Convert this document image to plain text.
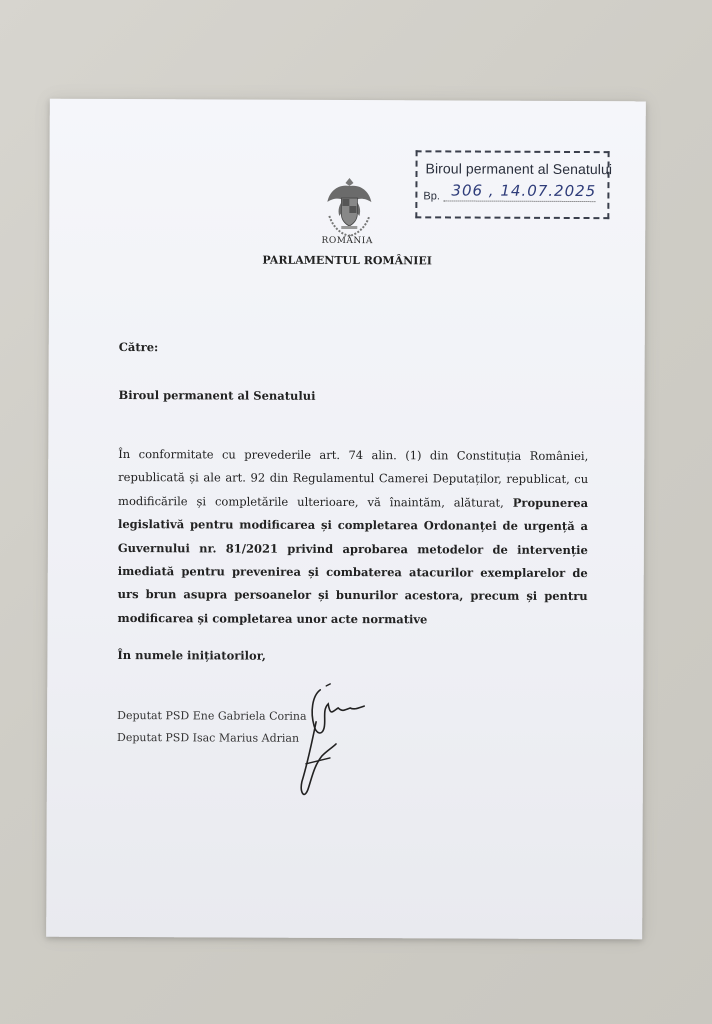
Biroul permanent al Senatului
Bp. 306 , 14.07.2025
ROMÂNIA
PARLAMENTUL ROMÂNIEI
Către:
Biroul permanent al Senatului
În conformitate cu prevederile art. 74 alin. (1) din Constituția României, republicată și ale art. 92 din Regulamentul Camerei Deputaților, republicat, cu modificările și completările ulterioare, vă înaintăm, alăturat, Propunerea legislativă pentru modificarea și completarea Ordonanței de urgență a Guvernului nr. 81/2021 privind aprobarea metodelor de intervenție imediată pentru prevenirea și combaterea atacurilor exemplarelor de urs brun asupra persoanelor și bunurilor acestora, precum și pentru modificarea și completarea unor acte normative
În numele inițiatorilor,
Deputat PSD Ene Gabriela Corina
Deputat PSD Isac Marius Adrian
